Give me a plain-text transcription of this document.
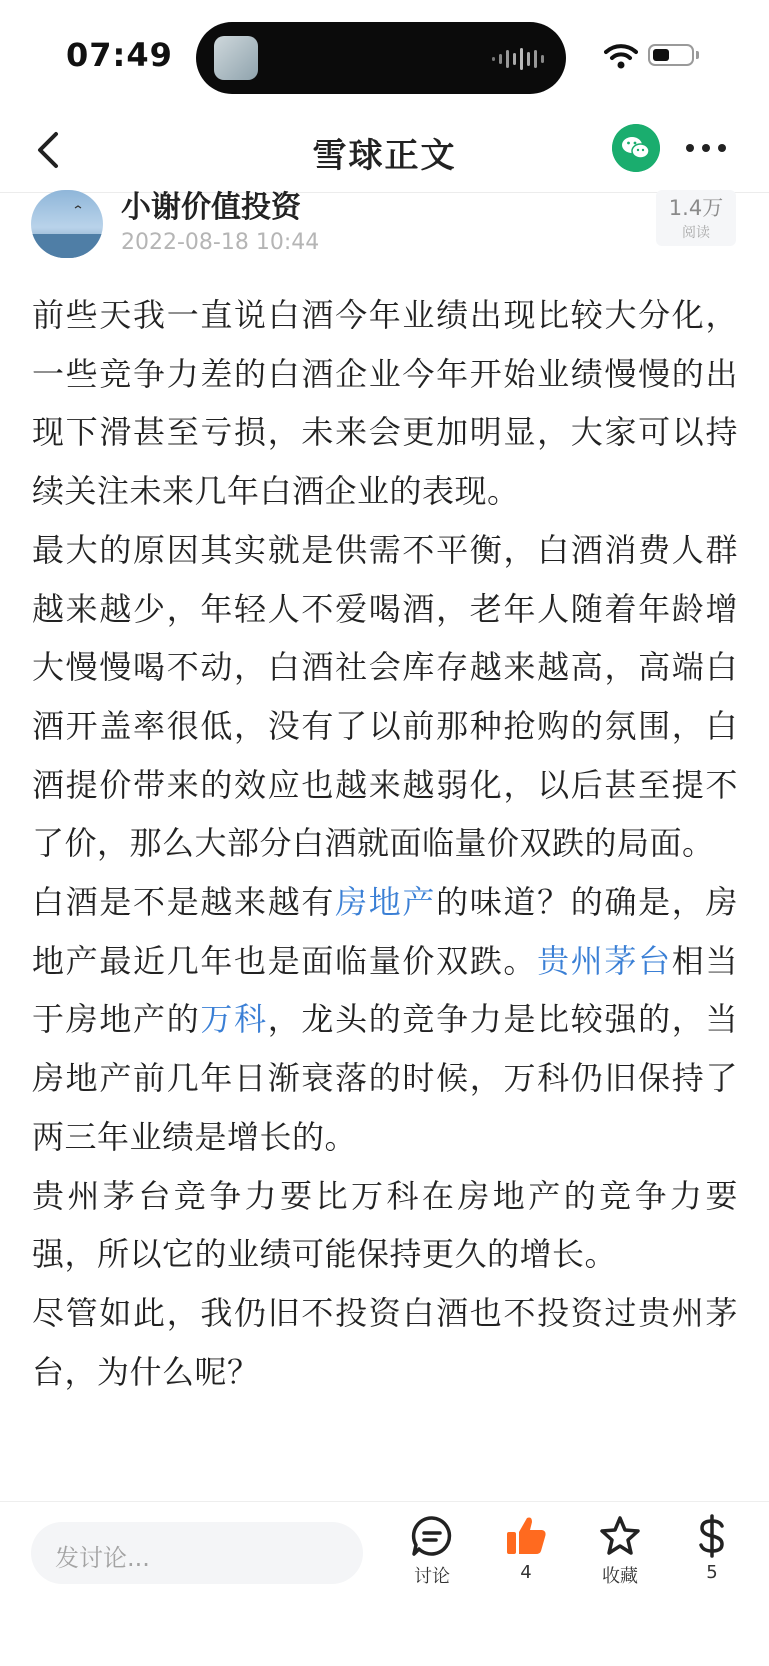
07:49
雪球正文
小谢价值投资
2022-08-18 10:44
1.4万
阅读

前些天我一直说白酒今年业绩出现比较大分化，一些竞争力差的白酒企业今年开始业绩慢慢的出现下滑甚至亏损，未来会更加明显，大家可以持续关注未来几年白酒企业的表现。

最大的原因其实就是供需不平衡，白酒消费人群越来越少，年轻人不爱喝酒，老年人随着年龄增大慢慢喝不动，白酒社会库存越来越高，高端白酒开盖率很低，没有了以前那种抢购的氛围，白酒提价带来的效应也越来越弱化，以后甚至提不了价，那么大部分白酒就面临量价双跌的局面。

白酒是不是越来越有房地产的味道？的确是，房地产最近几年也是面临量价双跌。贵州茅台相当于房地产的万科，龙头的竞争力是比较强的，当房地产前几年日渐衰落的时候，万科仍旧保持了两三年业绩是增长的。

贵州茅台竞争力要比万科在房地产的竞争力要强，所以它的业绩可能保持更久的增长。

尽管如此，我仍旧不投资白酒也不投资过贵州茅台，为什么呢？

发讨论...
讨论	4	收藏	5
